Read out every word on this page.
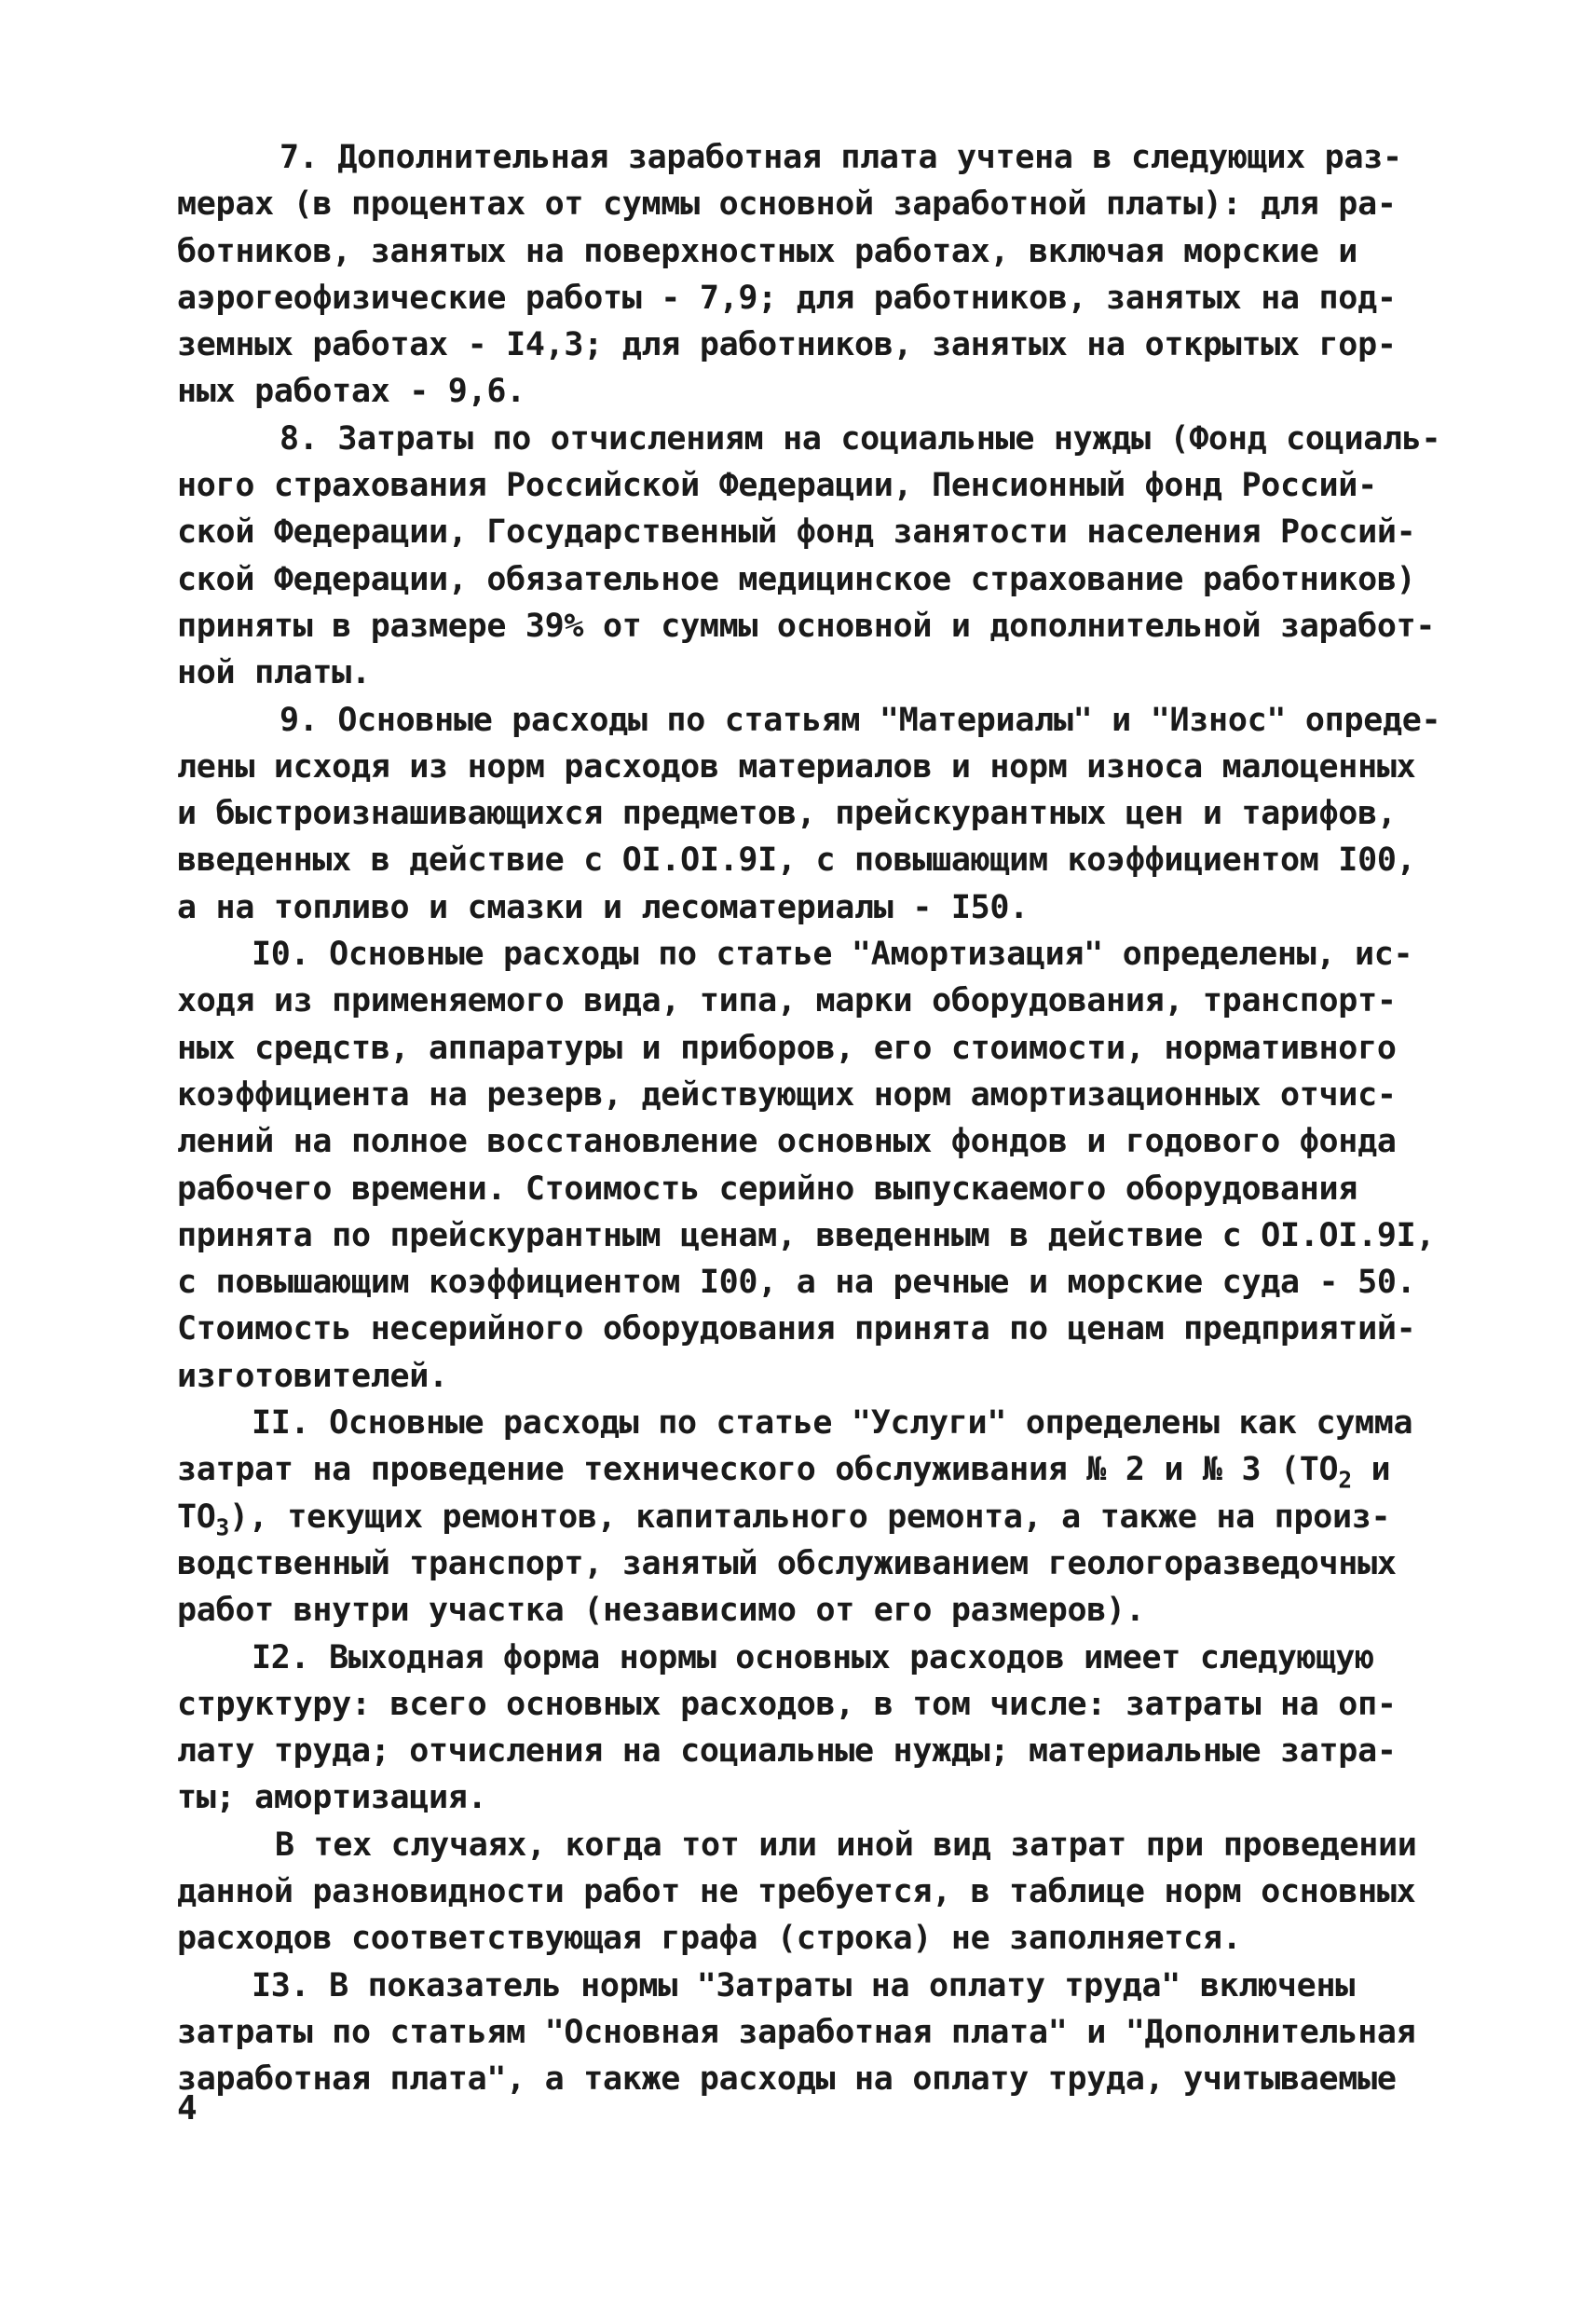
7. Дополнительная заработная плата учтена в следующих раз-
мерах (в процентах от суммы основной заработной платы): для ра-
ботников, занятых на поверхностных работах, включая морские и
аэрогеофизические работы - 7,9; для работников, занятых на под-
земных работах - I4,3; для работников, занятых на открытых гор-
ных работах - 9,6.
8. Затраты по отчислениям на социальные нужды (Фонд социаль-
ного страхования Российской Федерации, Пенсионный фонд Россий-
ской Федерации, Государственный фонд занятости населения Россий-
ской Федерации, обязательное медицинское страхование работников)
приняты в размере 39% от суммы основной и дополнительной заработ-
ной платы.
9. Основные расходы по статьям "Материалы" и "Износ" опреде-
лены исходя из норм расходов материалов и норм износа малоценных
и быстроизнашивающихся предметов, прейскурантных цен и тарифов,
введенных в действие с OI.OI.9I, с повышающим коэффициентом I00,
а на топливо и смазки и лесоматериалы - I50.
I0. Основные расходы по статье "Амортизация" определены, ис-
ходя из применяемого вида, типа, марки оборудования, транспорт-
ных средств, аппаратуры и приборов, его стоимости, нормативного
коэффициента на резерв, действующих норм амортизационных отчис-
лений на полное восстановление основных фондов и годового фонда
рабочего времени. Стоимость серийно выпускаемого оборудования
принята по прейскурантным ценам, введенным в действие с OI.OI.9I,
с повышающим коэффициентом I00, а на речные и морские суда - 50.
Стоимость несерийного оборудования принята по ценам предприятий-
изготовителей.
II. Основные расходы по статье "Услуги" определены как сумма
затрат на проведение технического обслуживания № 2 и № 3 ($ТО_2$ и
$ТО_3$), текущих ремонтов, капитального ремонта, а также на произ-
водственный транспорт, занятый обслуживанием геологоразведочных
работ внутри участка (независимо от его размеров).
I2. Выходная форма нормы основных расходов имеет следующую
структуру: всего основных расходов, в том числе: затраты на оп-
лату труда; отчисления на социальные нужды; материальные затра-
ты; амортизация.
В тех случаях, когда тот или иной вид затрат при проведении
данной разновидности работ не требуется, в таблице норм основных
расходов соответствующая графа (строка) не заполняется.
I3. В показатель нормы "Затраты на оплату труда" включены
затраты по статьям "Основная заработная плата" и "Дополнительная
заработная плата", а также расходы на оплату труда, учитываемые
4
